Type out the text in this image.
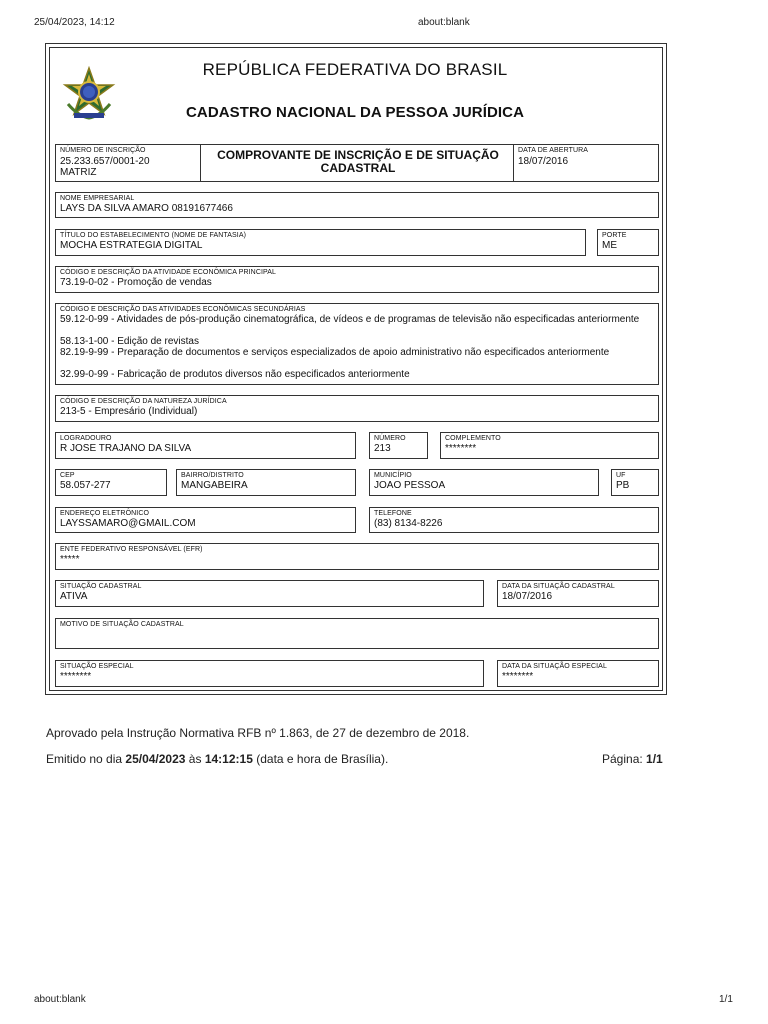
25/04/2023, 14:12	about:blank
REPÚBLICA FEDERATIVA DO BRASIL
CADASTRO NACIONAL DA PESSOA JURÍDICA
NÚMERO DE INSCRIÇÃO
25.233.657/0001-20
MATRIZ
COMPROVANTE DE INSCRIÇÃO E DE SITUAÇÃO
CADASTRAL
DATA DE ABERTURA
18/07/2016
NOME EMPRESARIAL
LAYS DA SILVA AMARO 08191677466
TÍTULO DO ESTABELECIMENTO (NOME DE FANTASIA)
MOCHA ESTRATEGIA DIGITAL
PORTE
ME
CÓDIGO E DESCRIÇÃO DA ATIVIDADE ECONÔMICA PRINCIPAL
73.19-0-02 - Promoção de vendas
CÓDIGO E DESCRIÇÃO DAS ATIVIDADES ECONÔMICAS SECUNDÁRIAS
59.12-0-99 - Atividades de pós-produção cinematográfica, de vídeos e de programas de televisão não especificadas anteriormente
58.13-1-00 - Edição de revistas
82.19-9-99 - Preparação de documentos e serviços especializados de apoio administrativo não especificados anteriormente
32.99-0-99 - Fabricação de produtos diversos não especificados anteriormente
CÓDIGO E DESCRIÇÃO DA NATUREZA JURÍDICA
213-5 - Empresário (Individual)
LOGRADOURO
R JOSE TRAJANO DA SILVA
NÚMERO
213
COMPLEMENTO
********
CEP
58.057-277
BAIRRO/DISTRITO
MANGABEIRA
MUNICÍPIO
JOAO PESSOA
UF
PB
ENDEREÇO ELETRÔNICO
LAYSSAMARO@GMAIL.COM
TELEFONE
(83) 8134-8226
ENTE FEDERATIVO RESPONSÁVEL (EFR)
*****
SITUAÇÃO CADASTRAL
ATIVA
DATA DA SITUAÇÃO CADASTRAL
18/07/2016
MOTIVO DE SITUAÇÃO CADASTRAL
SITUAÇÃO ESPECIAL
********
DATA DA SITUAÇÃO ESPECIAL
********
Aprovado pela Instrução Normativa RFB nº 1.863, de 27 de dezembro de 2018.
Emitido no dia 25/04/2023 às 14:12:15 (data e hora de Brasília).	Página: 1/1
about:blank	1/1
